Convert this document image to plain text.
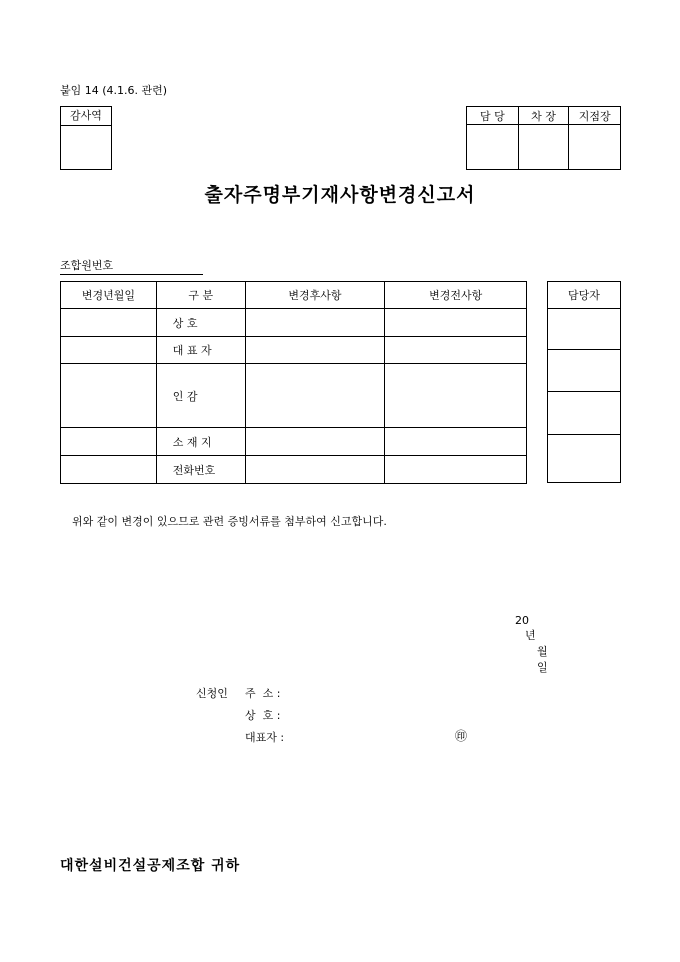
붙임 14 (4.1.6. 관련)
감사역	담 당	차 장	지점장

출자주명부기재사항변경신고서
조합원번호
변경년월일	구 분	변경후사항	변경전사항
	상 호		
	대 표 자		
	인 감		
	소 재 지		
	전화번호		
담당자

위와 같이 변경이 있으므로 관련 증빙서류를 첨부하여 신고합니다.

20
년
월
일

신청인 주  소 :
상  호 :
대표자 :	㊞
대한설비건설공제조합 귀하
